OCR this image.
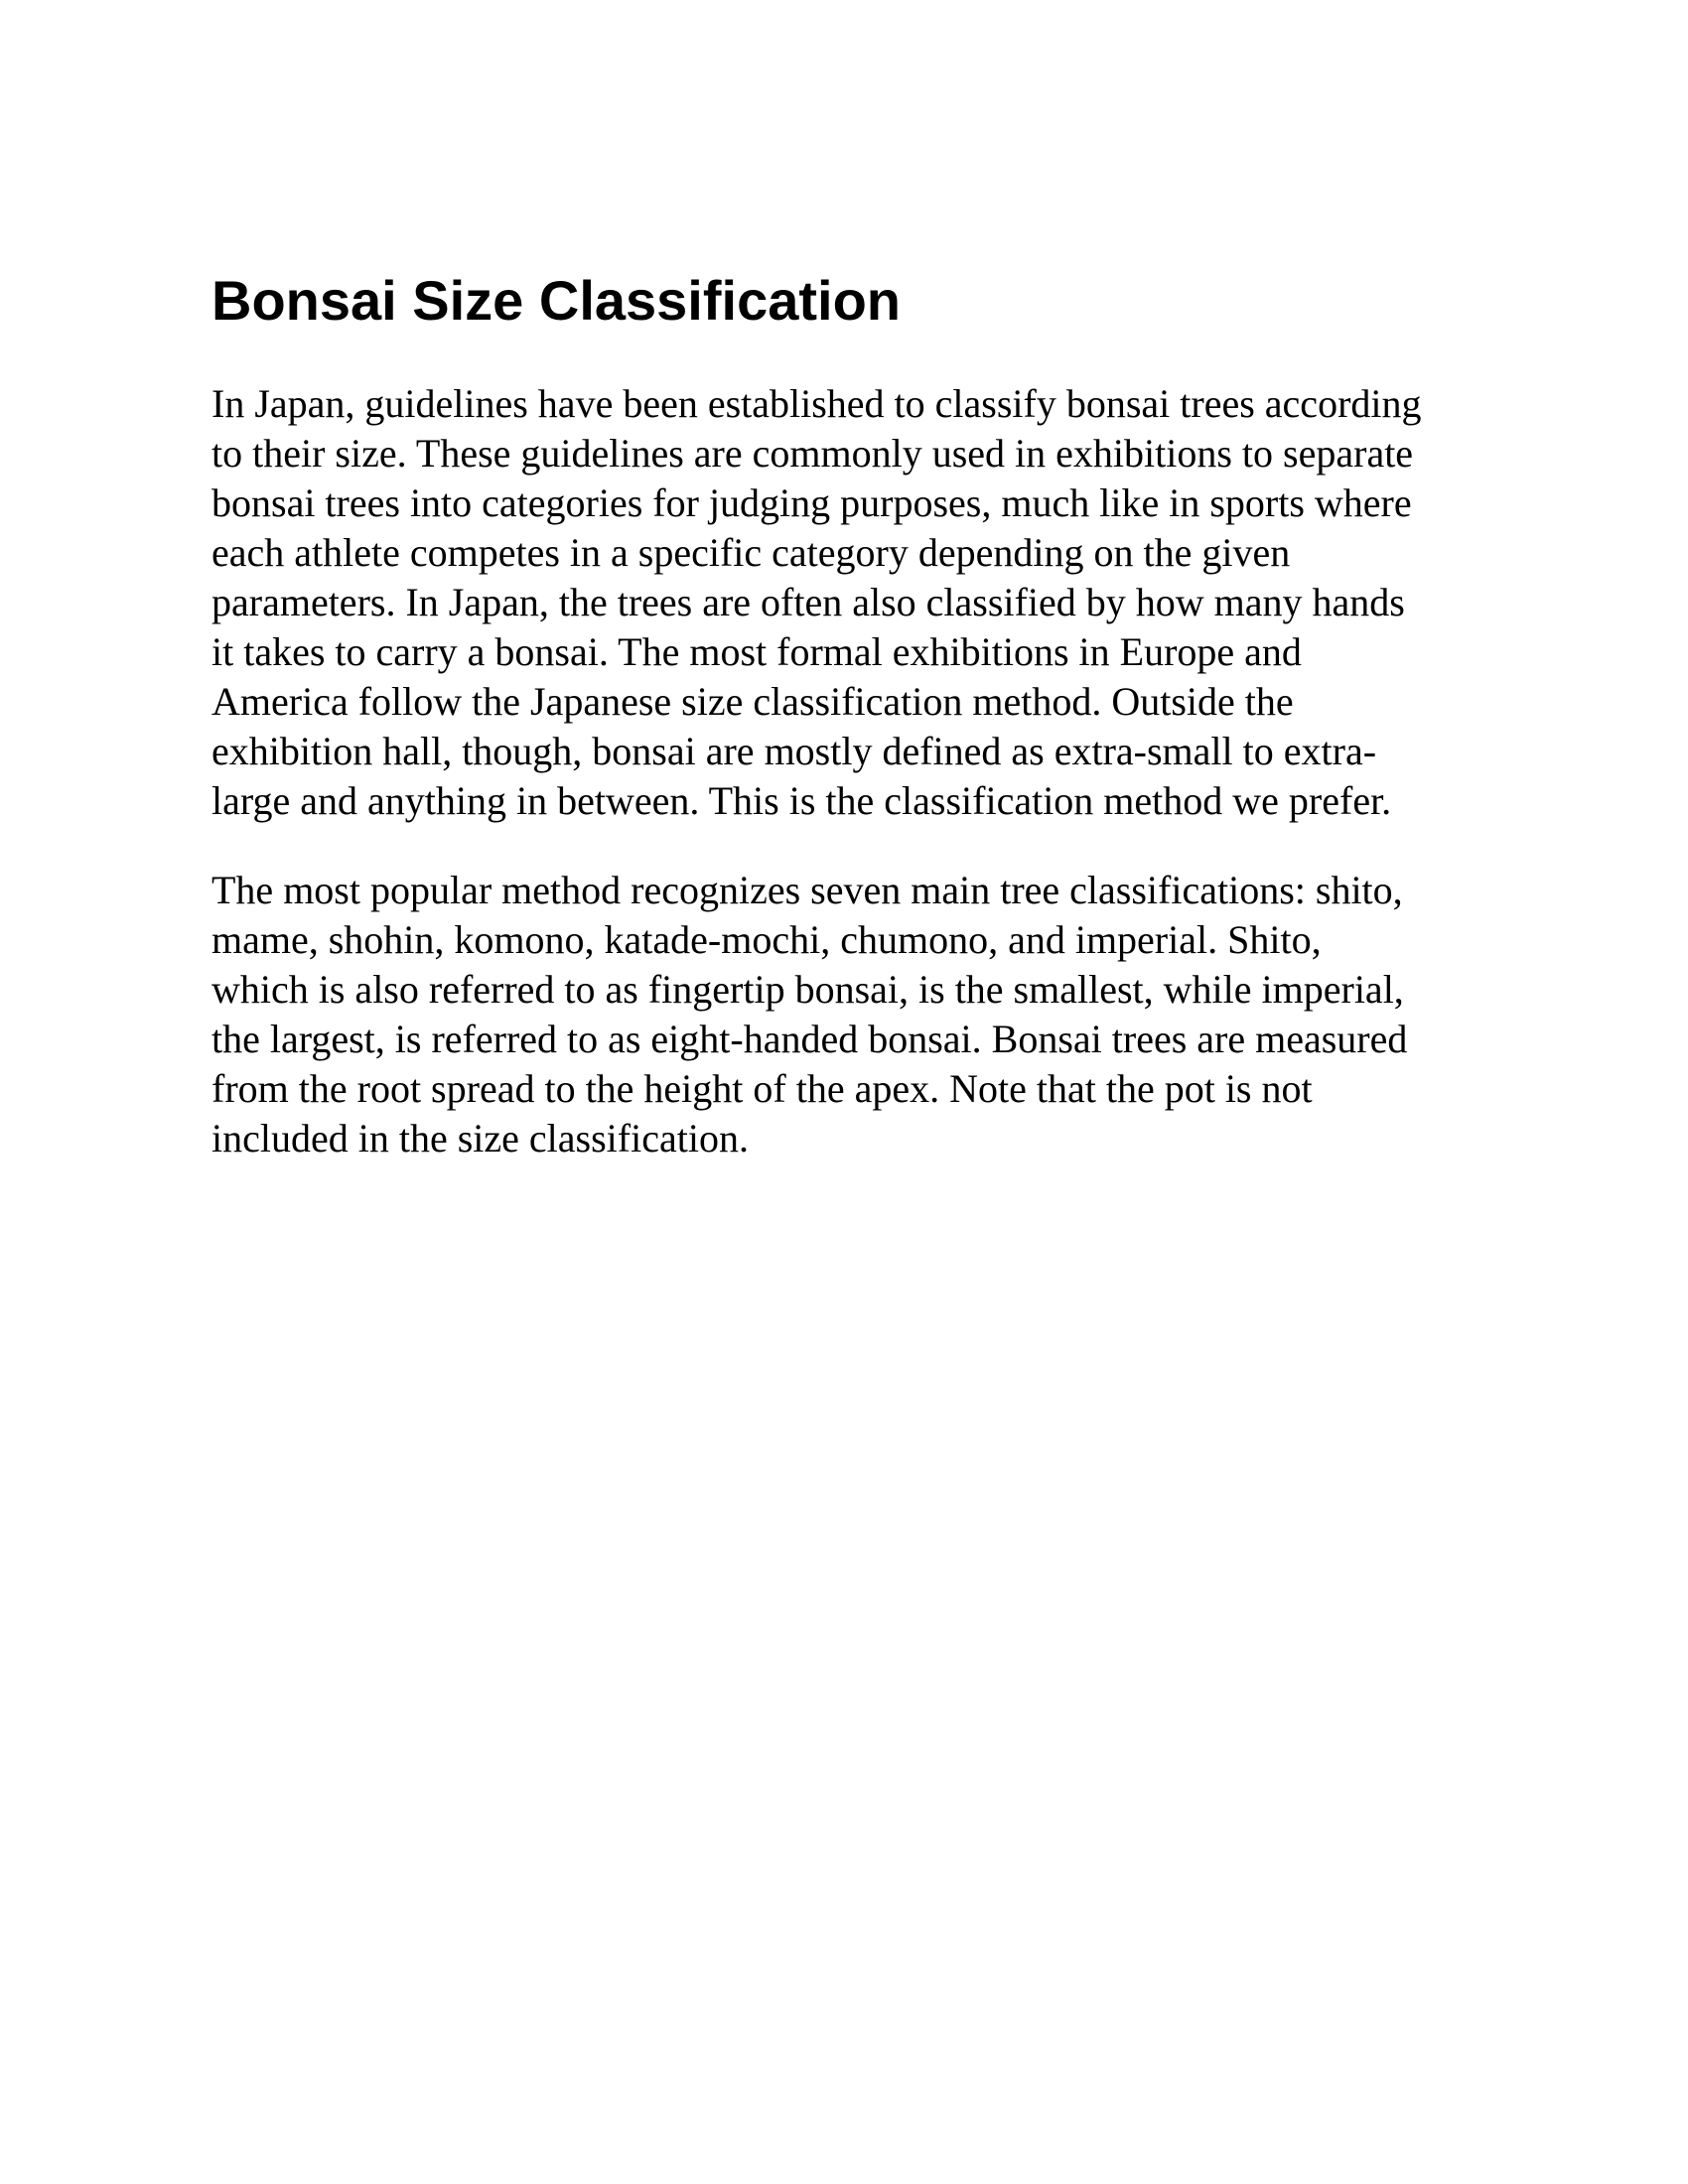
Bonsai Size Classification

In Japan, guidelines have been established to classify bonsai trees according
to their size. These guidelines are commonly used in exhibitions to separate
bonsai trees into categories for judging purposes, much like in sports where
each athlete competes in a specific category depending on the given
parameters. In Japan, the trees are often also classified by how many hands
it takes to carry a bonsai. The most formal exhibitions in Europe and
America follow the Japanese size classification method. Outside the
exhibition hall, though, bonsai are mostly defined as extra-small to extra-
large and anything in between. This is the classification method we prefer.

The most popular method recognizes seven main tree classifications: shito,
mame, shohin, komono, katade-mochi, chumono, and imperial. Shito,
which is also referred to as fingertip bonsai, is the smallest, while imperial,
the largest, is referred to as eight-handed bonsai. Bonsai trees are measured
from the root spread to the height of the apex. Note that the pot is not
included in the size classification.
